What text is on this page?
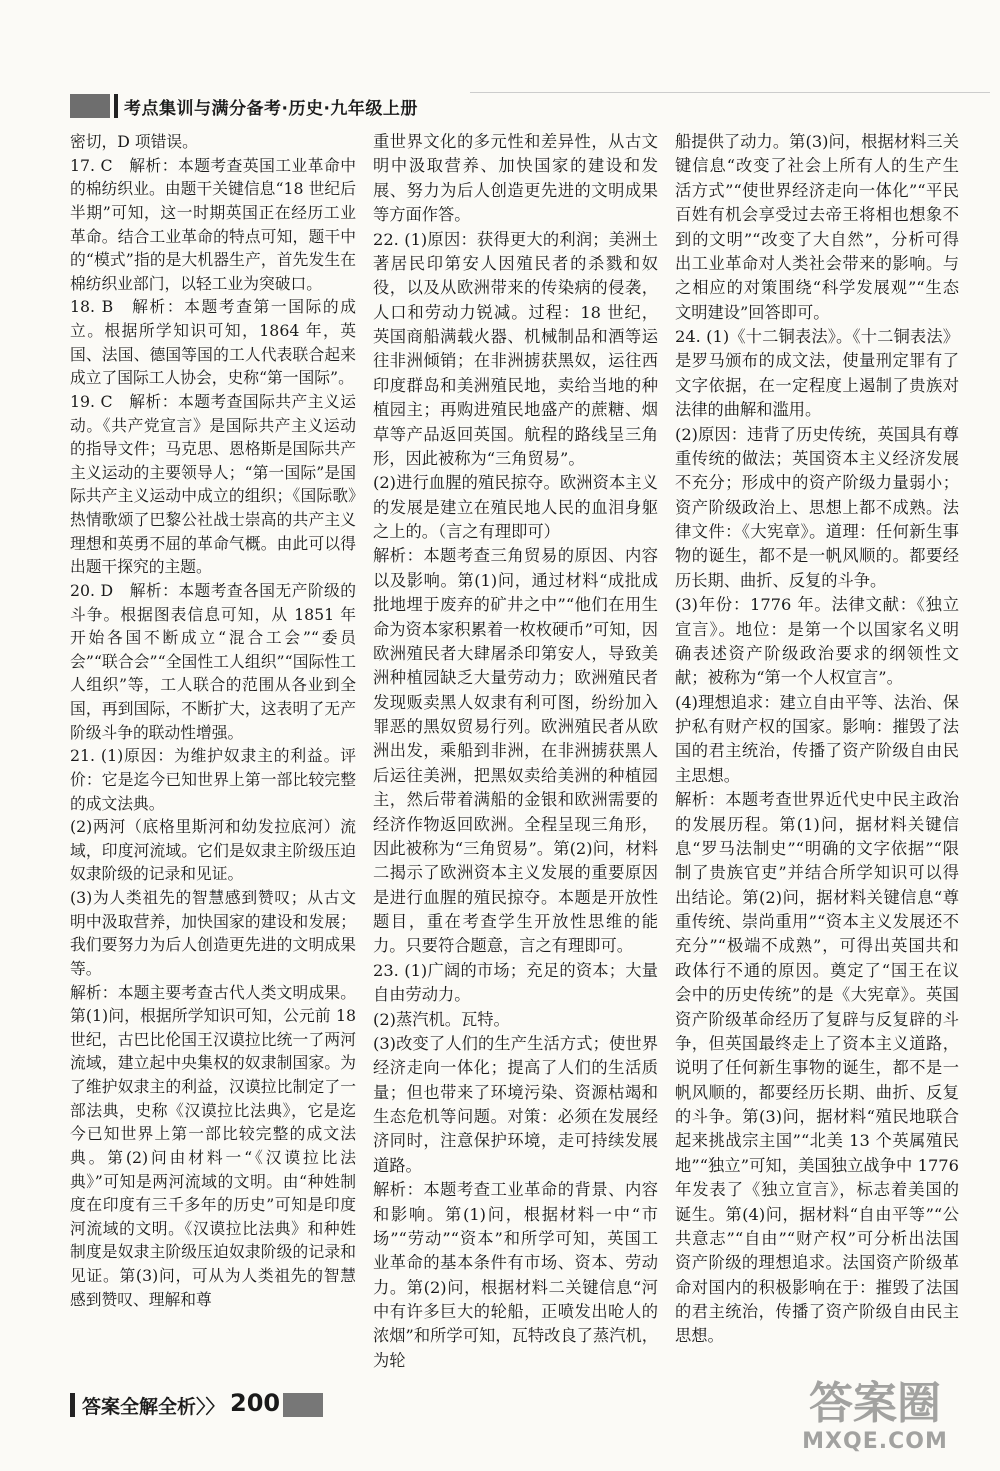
考点集训与满分备考·历史·九年级上册

密切，D 项错误。

17. C　解析：本题考查英国工业革命中的棉纺织业。由题干关键信息“18 世纪后半期”可知，这一时期英国正在经历工业革命。结合工业革命的特点可知，题干中的“模式”指的是大机器生产，首先发生在棉纺织业部门，以轻工业为突破口。

18. B　解析：本题考查第一国际的成立。根据所学知识可知，1864 年，英国、法国、德国等国的工人代表联合起来成立了国际工人协会，史称“第一国际”。

19. C　解析：本题考查国际共产主义运动。《共产党宣言》是国际共产主义运动的指导文件；马克思、恩格斯是国际共产主义运动的主要领导人；“第一国际”是国际共产主义运动中成立的组织；《国际歌》热情歌颂了巴黎公社战士崇高的共产主义理想和英勇不屈的革命气概。由此可以得出题干探究的主题。

20. D　解析：本题考查各国无产阶级的斗争。根据图表信息可知，从 1851 年开始各国不断成立“混合工会”“委员会”“联合会”“全国性工人组织”“国际性工人组织”等，工人联合的范围从各业到全国，再到国际，不断扩大，这表明了无产阶级斗争的联动性增强。

21. (1)原因：为维护奴隶主的利益。评价：它是迄今已知世界上第一部比较完整的成文法典。

(2)两河（底格里斯河和幼发拉底河）流域，印度河流域。它们是奴隶主阶级压迫奴隶阶级的记录和见证。

(3)为人类祖先的智慧感到赞叹；从古文明中汲取营养，加快国家的建设和发展；我们要努力为后人创造更先进的文明成果等。

解析：本题主要考查古代人类文明成果。第(1)问，根据所学知识可知，公元前 18 世纪，古巴比伦国王汉谟拉比统一了两河流域，建立起中央集权的奴隶制国家。为了维护奴隶主的利益，汉谟拉比制定了一部法典，史称《汉谟拉比法典》，它是迄今已知世界上第一部比较完整的成文法典。第(2)问由材料一“《汉谟拉比法典》”可知是两河流域的文明。由“种姓制度在印度有三千多年的历史”可知是印度河流域的文明。《汉谟拉比法典》和种姓制度是奴隶主阶级压迫奴隶阶级的记录和见证。第(3)问，可从为人类祖先的智慧感到赞叹、理解和尊

重世界文化的多元性和差异性，从古文明中汲取营养、加快国家的建设和发展、努力为后人创造更先进的文明成果等方面作答。

22. (1)原因：获得更大的利润；美洲土著居民印第安人因殖民者的杀戮和奴役，以及从欧洲带来的传染病的侵袭，人口和劳动力锐减。过程：18 世纪，英国商船满载火器、机械制品和酒等运往非洲倾销；在非洲掳获黑奴，运往西印度群岛和美洲殖民地，卖给当地的种植园主；再购进殖民地盛产的蔗糖、烟草等产品返回英国。航程的路线呈三角形，因此被称为“三角贸易”。

(2)进行血腥的殖民掠夺。欧洲资本主义的发展是建立在殖民地人民的血泪身躯之上的。（言之有理即可）

解析：本题考查三角贸易的原因、内容以及影响。第(1)问，通过材料“成批成批地埋于废弃的矿井之中”“他们在用生命为资本家积累着一枚枚硬币”可知，因欧洲殖民者大肆屠杀印第安人，导致美洲种植园缺乏大量劳动力；欧洲殖民者发现贩卖黑人奴隶有利可图，纷纷加入罪恶的黑奴贸易行列。欧洲殖民者从欧洲出发，乘船到非洲，在非洲掳获黑人后运往美洲，把黑奴卖给美洲的种植园主，然后带着满船的金银和欧洲需要的经济作物返回欧洲。全程呈现三角形，因此被称为“三角贸易”。第(2)问，材料二揭示了欧洲资本主义发展的重要原因是进行血腥的殖民掠夺。本题是开放性题目，重在考查学生开放性思维的能力。只要符合题意，言之有理即可。

23. (1)广阔的市场；充足的资本；大量自由劳动力。

(2)蒸汽机。瓦特。

(3)改变了人们的生产生活方式；使世界经济走向一体化；提高了人们的生活质量；但也带来了环境污染、资源枯竭和生态危机等问题。对策：必须在发展经济同时，注意保护环境，走可持续发展道路。

解析：本题考查工业革命的背景、内容和影响。第(1)问，根据材料一中“市场”“劳动”“资本”和所学可知，英国工业革命的基本条件有市场、资本、劳动力。第(2)问，根据材料二关键信息“河中有许多巨大的轮船，正喷发出呛人的浓烟”和所学可知，瓦特改良了蒸汽机，为轮

船提供了动力。第(3)问，根据材料三关键信息“改变了社会上所有人的生产生活方式”“使世界经济走向一体化”“平民百姓有机会享受过去帝王将相也想象不到的文明”“改变了大自然”，分析可得出工业革命对人类社会带来的影响。与之相应的对策围绕“科学发展观”“生态文明建设”回答即可。

24. (1)《十二铜表法》。《十二铜表法》是罗马颁布的成文法，使量刑定罪有了文字依据，在一定程度上遏制了贵族对法律的曲解和滥用。

(2)原因：违背了历史传统，英国具有尊重传统的做法；英国资本主义经济发展不充分；形成中的资产阶级力量弱小；资产阶级政治上、思想上都不成熟。法律文件：《大宪章》。道理：任何新生事物的诞生，都不是一帆风顺的。都要经历长期、曲折、反复的斗争。

(3)年份：1776 年。法律文献：《独立宣言》。地位：是第一个以国家名义明确表述资产阶级政治要求的纲领性文献；被称为“第一个人权宣言”。

(4)理想追求：建立自由平等、法治、保护私有财产权的国家。影响：摧毁了法国的君主统治，传播了资产阶级自由民主思想。

解析：本题考查世界近代史中民主政治的发展历程。第(1)问，据材料关键信息“罗马法制史”“明确的文字依据”“限制了贵族官吏”并结合所学知识可以得出结论。第(2)问，据材料关键信息“尊重传统、崇尚重用”“资本主义发展还不充分”“极端不成熟”，可得出英国共和政体行不通的原因。奠定了“国王在议会中的历史传统”的是《大宪章》。英国资产阶级革命经历了复辟与反复辟的斗争，但英国最终走上了资本主义道路，说明了任何新生事物的诞生，都不是一帆风顺的，都要经历长期、曲折、反复的斗争。第(3)问，据材料“殖民地联合起来挑战宗主国”“北美 13 个英属殖民地”“独立”可知，美国独立战争中 1776 年发表了《独立宣言》，标志着美国的诞生。第(4)问，据材料“自由平等”“公共意志”“自由”“财产权”可分析出法国资产阶级的理想追求。法国资产阶级革命对国内的积极影响在于：摧毁了法国的君主统治，传播了资产阶级自由民主思想。

答案全解全析〉〉 200	答案圈
MXQE.COM
